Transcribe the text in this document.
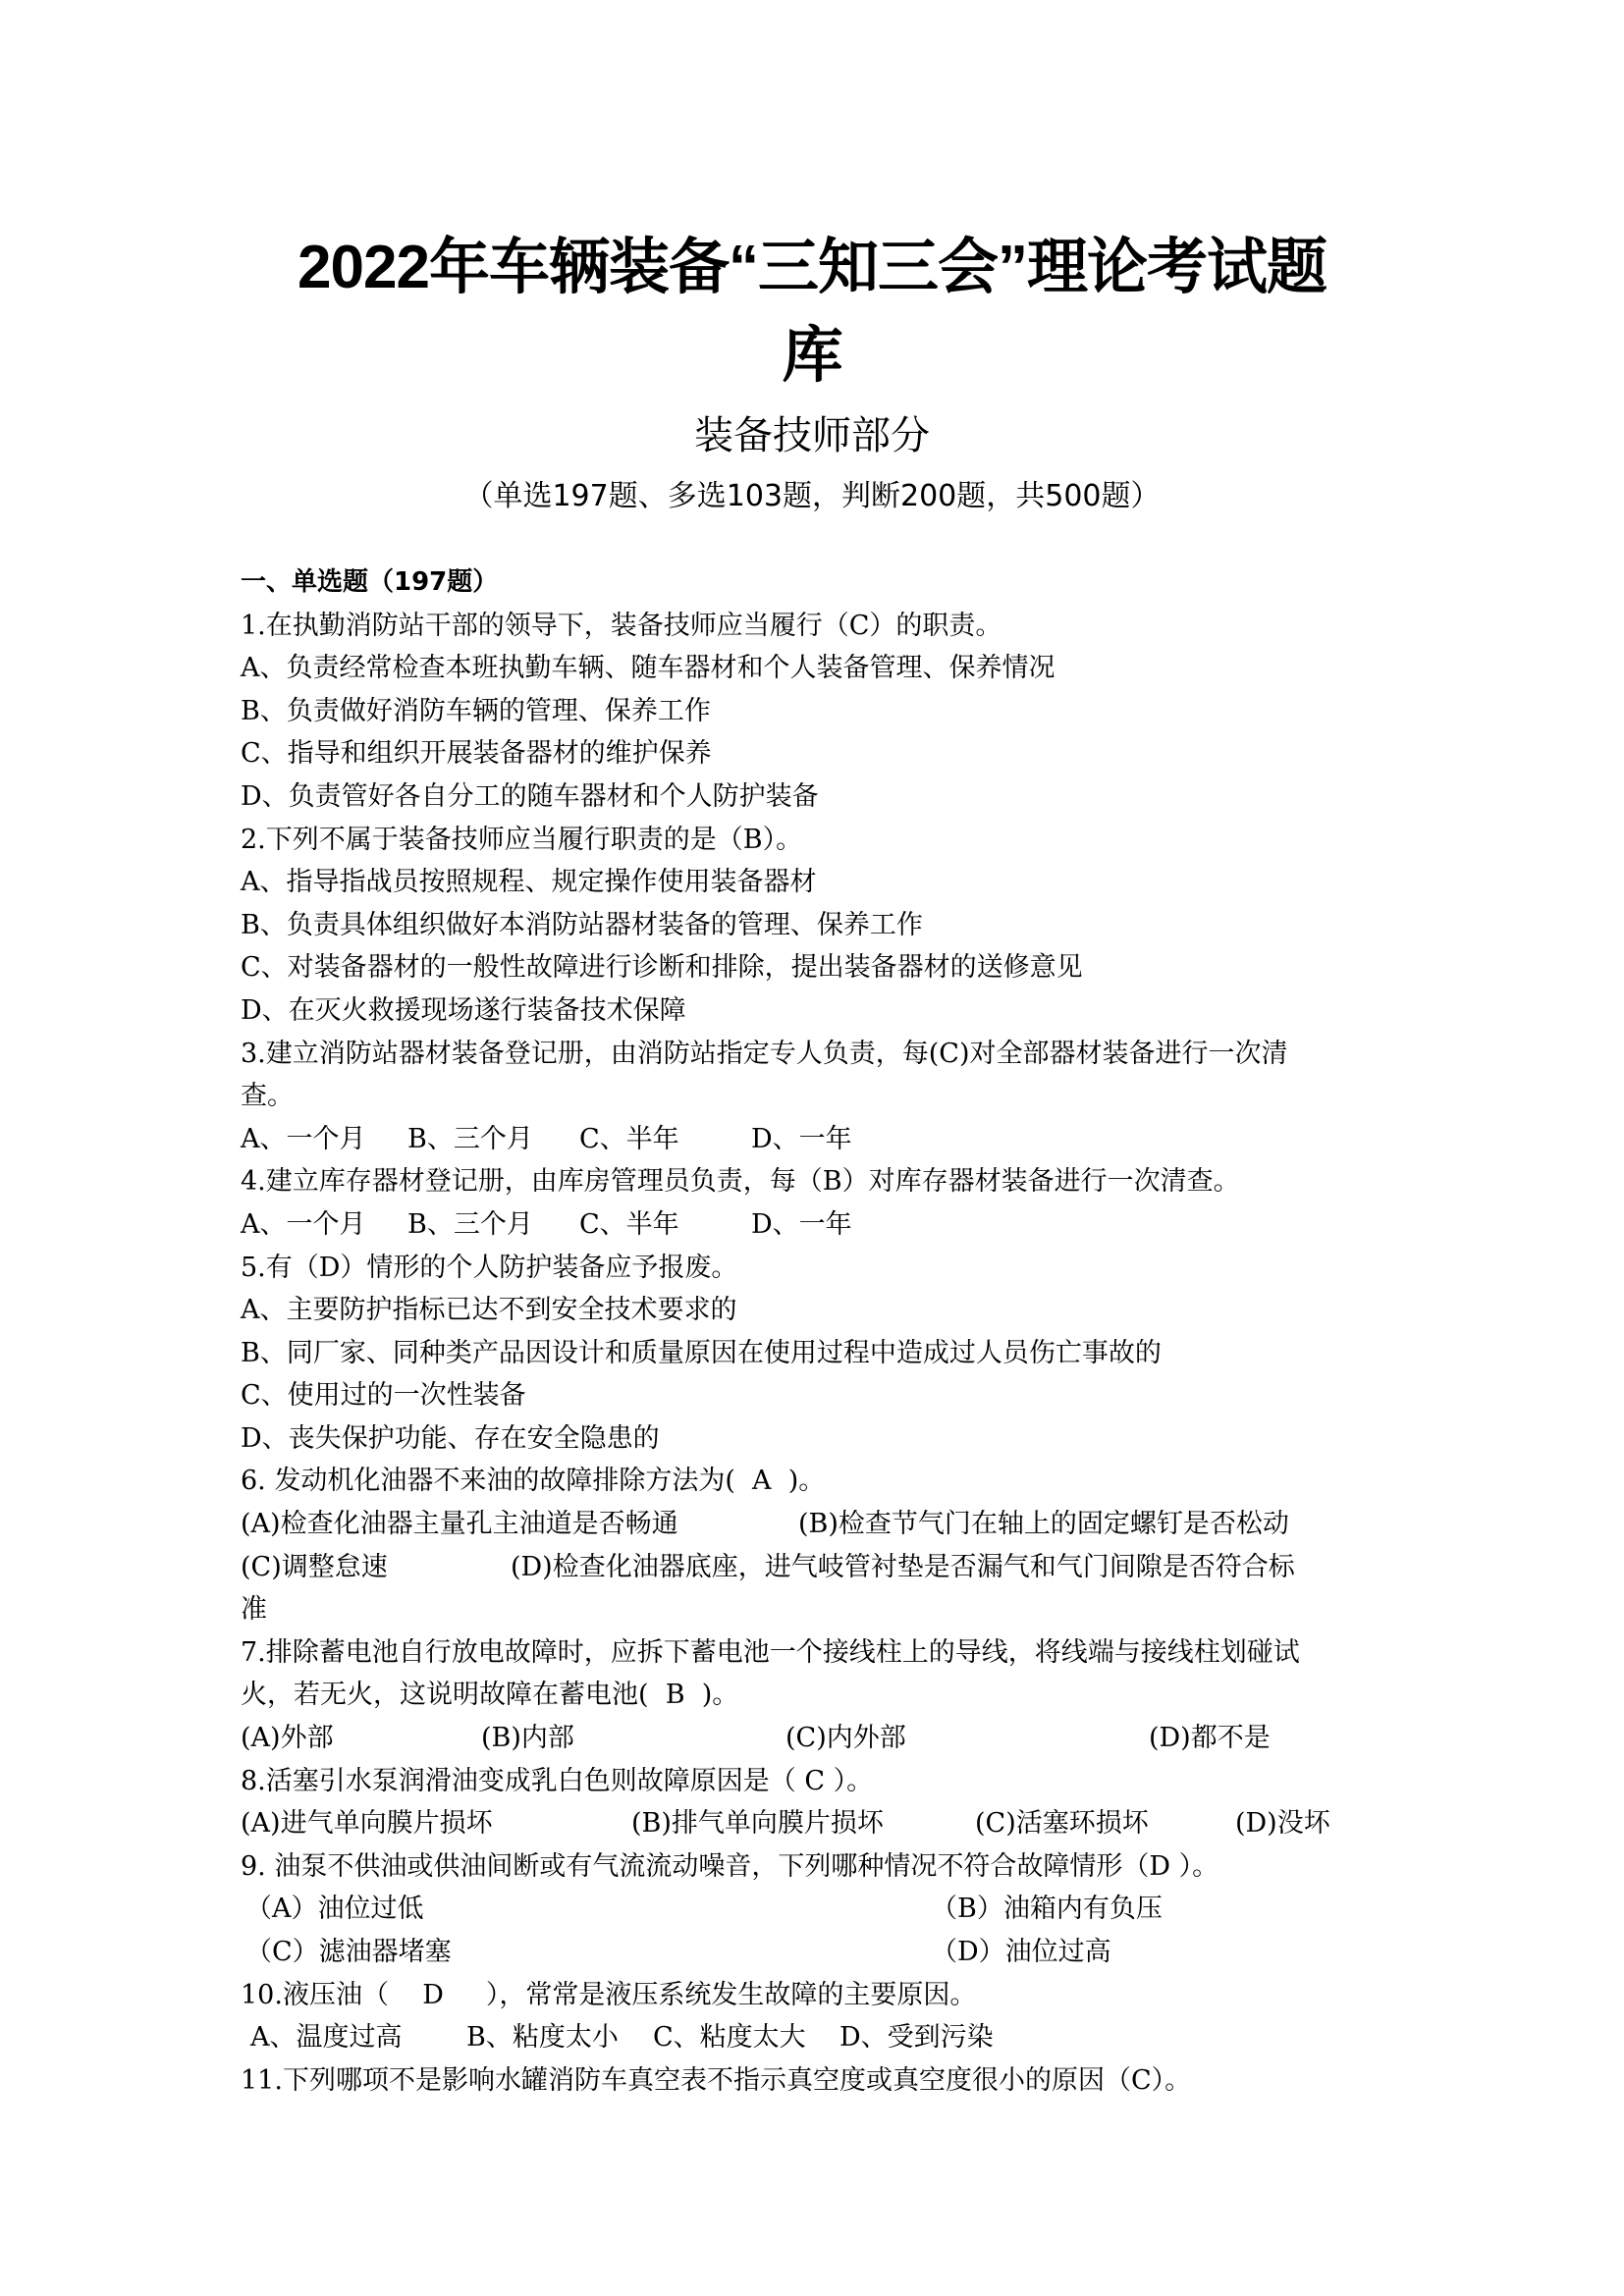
2022年车辆装备“三知三会”理论考试题
库
装备技师部分
（单选197题、多选103题，判断200题，共500题）
一、单选题（197题）
1.在执勤消防站干部的领导下，装备技师应当履行（C）的职责。
A、负责经常检查本班执勤车辆、随车器材和个人装备管理、保养情况
B、负责做好消防车辆的管理、保养工作
C、指导和组织开展装备器材的维护保养
D、负责管好各自分工的随车器材和个人防护装备
2.下列不属于装备技师应当履行职责的是（B）。
A、指导指战员按照规程、规定操作使用装备器材
B、负责具体组织做好本消防站器材装备的管理、保养工作
C、对装备器材的一般性故障进行诊断和排除，提出装备器材的送修意见
D、在灭火救援现场遂行装备技术保障
3.建立消防站器材装备登记册，由消防站指定专人负责，每(C)对全部器材装备进行一次清
查。
A、一个月	B、三个月	C、半年	D、一年
4.建立库存器材登记册，由库房管理员负责，每（B）对库存器材装备进行一次清查。
A、一个月	B、三个月	C、半年	D、一年
5.有（D）情形的个人防护装备应予报废。
A、主要防护指标已达不到安全技术要求的
B、同厂家、同种类产品因设计和质量原因在使用过程中造成过人员伤亡事故的
C、使用过的一次性装备
D、丧失保护功能、存在安全隐患的
6. 发动机化油器不来油的故障排除方法为(  A  )。
(A)检查化油器主量孔主油道是否畅通	(B)检查节气门在轴上的固定螺钉是否松动
(C)调整怠速	(D)检查化油器底座，进气岐管衬垫是否漏气和气门间隙是否符合标
准
7.排除蓄电池自行放电故障时，应拆下蓄电池一个接线柱上的导线，将线端与接线柱划碰试
火，若无火，这说明故障在蓄电池(  B  )。
(A)外部	(B)内部	(C)内外部	(D)都不是
8.活塞引水泵润滑油变成乳白色则故障原因是（ C ）。
(A)进气单向膜片损坏	(B)排气单向膜片损坏	(C)活塞环损坏	(D)没坏
9. 油泵不供油或供油间断或有气流流动噪音，下列哪种情况不符合故障情形（D ）。
（A）油位过低	（B）油箱内有负压
（C）滤油器堵塞	（D）油位过高
10.液压油（    D     ），常常是液压系统发生故障的主要原因。
A、温度过高	B、粘度太小	C、粘度太大	D、受到污染
11.下列哪项不是影响水罐消防车真空表不指示真空度或真空度很小的原因（C）。
